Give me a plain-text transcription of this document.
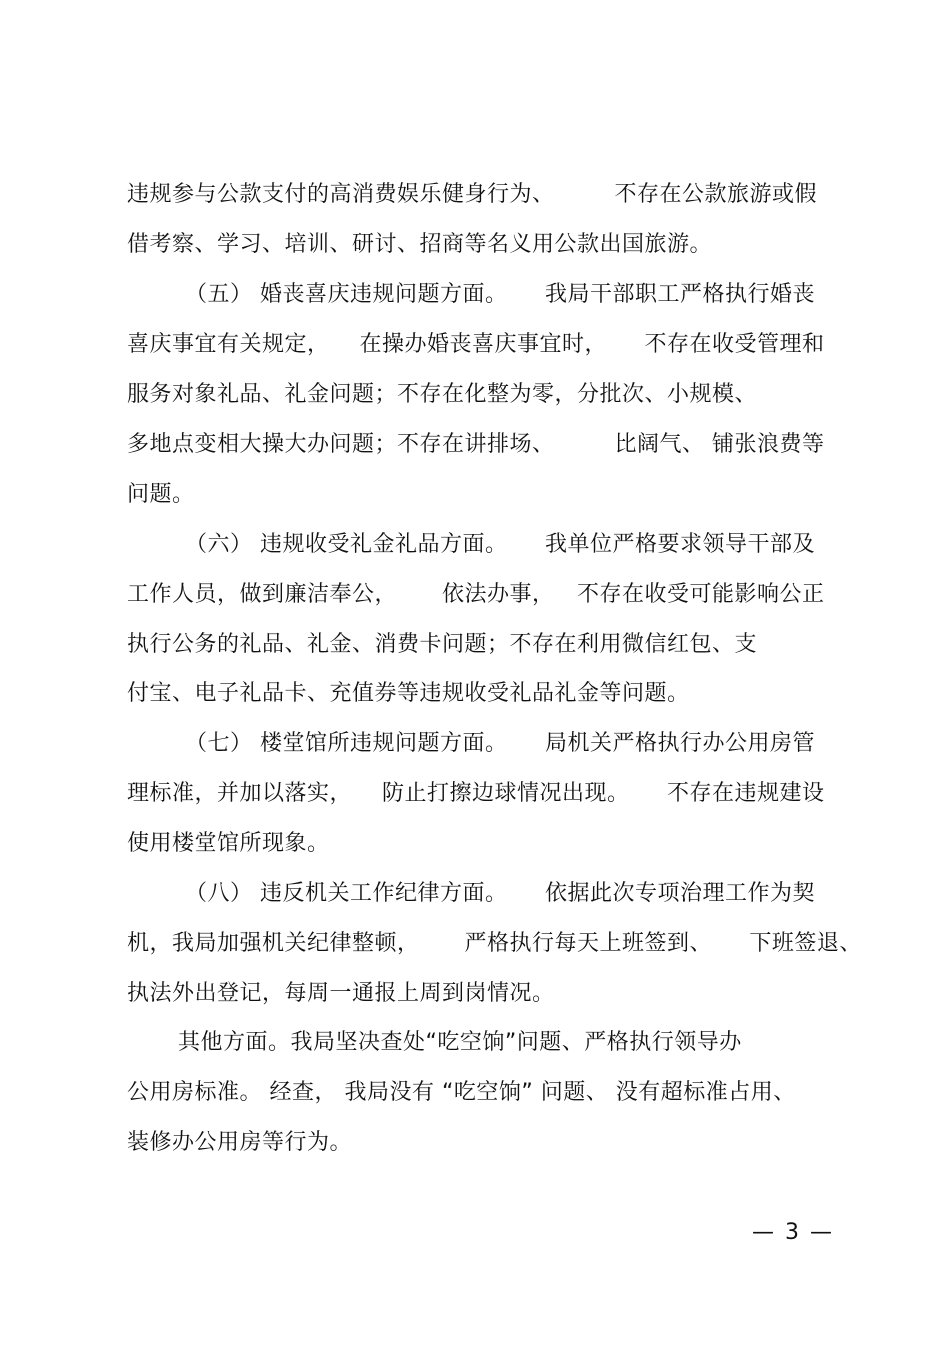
违规参与公款支付的高消费娱乐健身行为、        不存在公款旅游或假
借考察、学习、培训、研讨、招商等名义用公款出国旅游。
（五） 婚丧喜庆违规问题方面。     我局干部职工严格执行婚丧
喜庆事宜有关规定，    在操办婚丧喜庆事宜时，     不存在收受管理和
服务对象礼品、礼金问题；不存在化整为零，分批次、小规模、
多地点变相大操大办问题；不存在讲排场、        比阔气、 铺张浪费等
问题。
（六） 违规收受礼金礼品方面。     我单位严格要求领导干部及
工作人员，做到廉洁奉公，      依法办事，   不存在收受可能影响公正
执行公务的礼品、礼金、消费卡问题；不存在利用微信红包、支
付宝、电子礼品卡、充值券等违规收受礼品礼金等问题。
（七） 楼堂馆所违规问题方面。     局机关严格执行办公用房管
理标准，并加以落实，    防止打擦边球情况出现。     不存在违规建设
使用楼堂馆所现象。
（八） 违反机关工作纪律方面。     依据此次专项治理工作为契
机，我局加强机关纪律整顿，      严格执行每天上班签到、     下班签退、
执法外出登记，每周一通报上周到岗情况。
其他方面。我局坚决查处“吃空饷”问题、严格执行领导办
公用房标准。 经查， 我局没有 “吃空饷” 问题、 没有超标准占用、
装修办公用房等行为。
— 3 —
